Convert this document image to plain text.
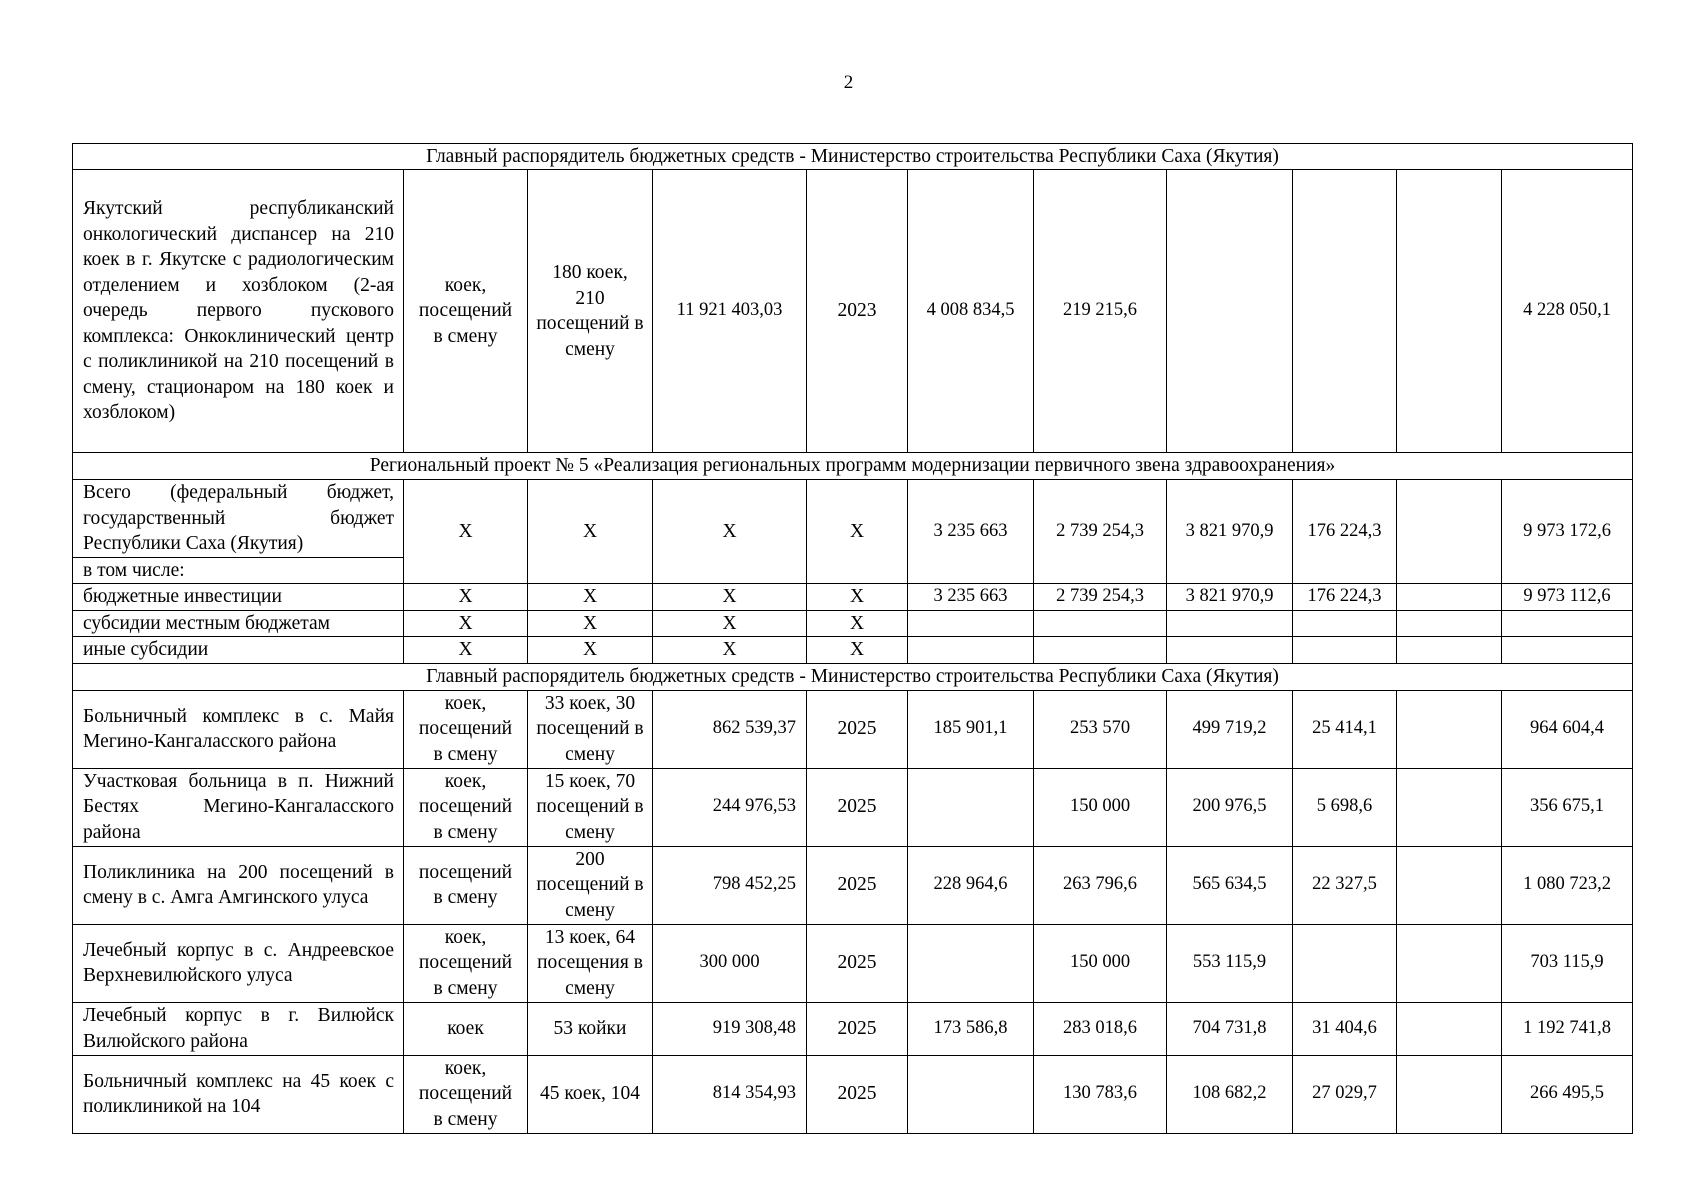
2
Главный распорядитель бюджетных средств - Министерство строительства Республики Саха (Якутия)										
Якутский республиканский онкологический диспансер на 210 коек в г. Якутске с радиологическим отделением и хозблоком (2-ая очередь первого пускового комплекса: Онкоклинический центр с поликлиникой на 210 посещений в смену, стационаром на 180 коек и хозблоком)	коек, посещений в смену	180 коек, 210 посещений в смену	11 921 403,03	2023	4 008 834,5	219 215,6				4 228 050,1
Региональный проект № 5 «Реализация региональных программ модернизации первичного звена здравоохранения»										
Всего (федеральный бюджет, государственный бюджет Республики Саха (Якутия)	Х	Х	Х	Х	3 235 663	2 739 254,3	3 821 970,9	176 224,3		9 973 172,6
в том числе:										
бюджетные инвестиции	Х	Х	Х	Х	3 235 663	2 739 254,3	3 821 970,9	176 224,3		9 973 112,6
субсидии местным бюджетам	Х	Х	Х	Х						
иные субсидии	Х	Х	Х	Х						
Главный распорядитель бюджетных средств - Министерство строительства Республики Саха (Якутия)										
Больничный комплекс в с. Майя Мегино-Кангаласского района	коек, посещений в смену	33 коек, 30 посещений в смену	862 539,37	2025	185 901,1	253 570	499 719,2	25 414,1		964 604,4
Участковая больница в п. Нижний Бестях Мегино-Кангаласского района	коек, посещений в смену	15 коек, 70 посещений в смену	244 976,53	2025		150 000	200 976,5	5 698,6		356 675,1
Поликлиника на 200 посещений в смену в с. Амга Амгинского улуса	посещений в смену	200 посещений в смену	798 452,25	2025	228 964,6	263 796,6	565 634,5	22 327,5		1 080 723,2
Лечебный корпус в с. Андреевское Верхневилюйского улуса	коек, посещений в смену	13 коек, 64 посещения в смену	300 000	2025		150 000	553 115,9			703 115,9
Лечебный корпус в г. Вилюйск Вилюйского района	коек	53 койки	919 308,48	2025	173 586,8	283 018,6	704 731,8	31 404,6		1 192 741,8
Больничный комплекс на 45 коек с поликлиникой на 104	коек, посещений в смену	45 коек, 104	814 354,93	2025		130 783,6	108 682,2	27 029,7		266 495,5
